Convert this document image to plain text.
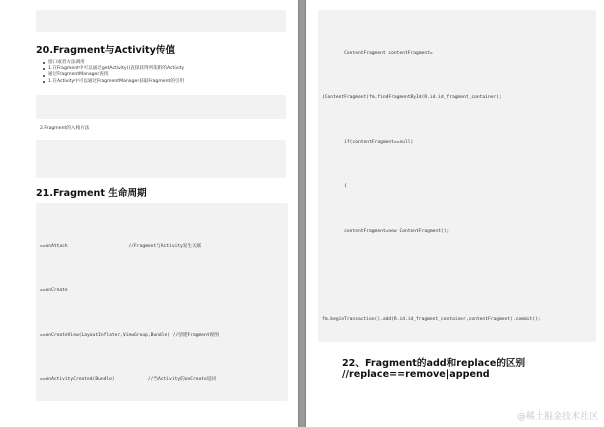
20.Fragment与Activity传值
接口或者方法调用
1.在Fragment中可以通过getActivity()直接获得所依附的Activity
通过FragmentManager查找
1.在Activity中可以通过FragmentManager获取Fragment的引用

2.Fragment的入栈方法

21.Fragment 生命周期

==onAttach                      //Fragment与Activity发生关联

==onCreate

==onCreateView(LayoutInflater,ViewGroup,Bundle) //创建Fragment视图

==onActivityCreated(Bundle)            //当Activity的onCreate返回

ContentFragment contentFragment=

(ContentFragment)fm.findFragmentById(R.id.id_fragment_container);

if(contentFragment==null)

{

contentFragment=new ContentFragment();

fm.beginTransaction().add(R.id.id_fragment_container,contentFragment).commit();

22、Fragment的add和replace的区别
//replace==remove|append
@稀土掘金技术社区
